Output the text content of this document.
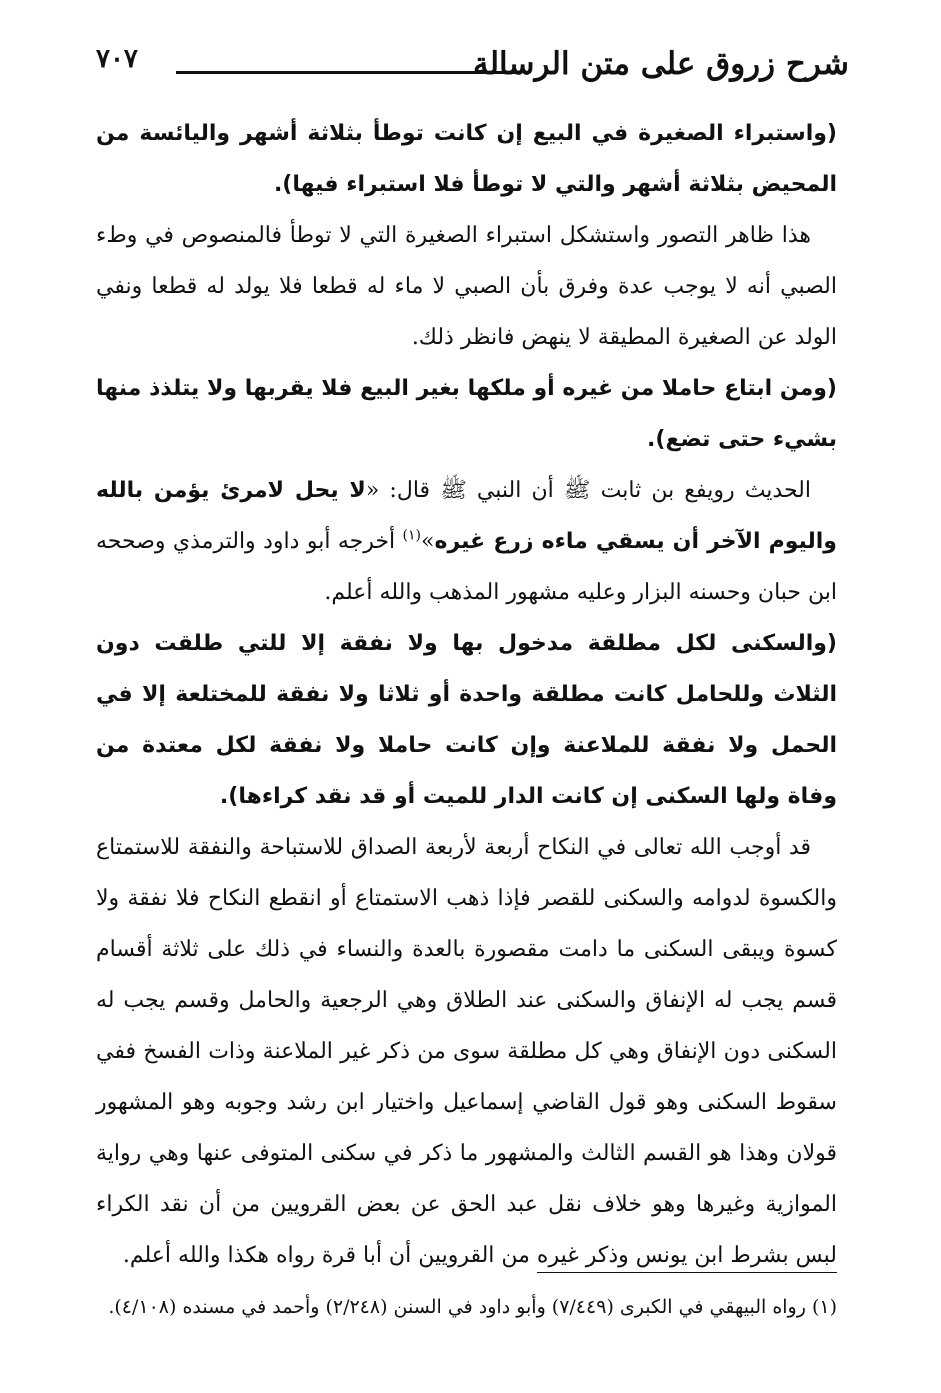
شرح زروق على متن الرسالة
٧٠٧

(واستبراء الصغيرة في البيع إن كانت توطأ بثلاثة أشهر واليائسة من المحيض بثلاثة أشهر والتي لا توطأ فلا استبراء فيها).

هذا ظاهر التصور واستشكل استبراء الصغيرة التي لا توطأ فالمنصوص في وطء الصبي أنه لا يوجب عدة وفرق بأن الصبي لا ماء له قطعا فلا يولد له قطعا ونفي الولد عن الصغيرة المطيقة لا ينهض فانظر ذلك.

(ومن ابتاع حاملا من غيره أو ملكها بغير البيع فلا يقربها ولا يتلذذ منها بشيء حتى تضع).

الحديث رويفع بن ثابت ﷺ أن النبي ﷺ قال: «لا يحل لامرئ يؤمن بالله واليوم الآخر أن يسقي ماءه زرع غيره»$^{(١)}$ أخرجه أبو داود والترمذي وصححه ابن حبان وحسنه البزار وعليه مشهور المذهب والله أعلم.

(والسكنى لكل مطلقة مدخول بها ولا نفقة إلا للتي طلقت دون الثلاث وللحامل كانت مطلقة واحدة أو ثلاثا ولا نفقة للمختلعة إلا في الحمل ولا نفقة للملاعنة وإن كانت حاملا ولا نفقة لكل معتدة من وفاة ولها السكنى إن كانت الدار للميت أو قد نقد كراءها).

قد أوجب الله تعالى في النكاح أربعة لأربعة الصداق للاستباحة والنفقة للاستمتاع والكسوة لدوامه والسكنى للقصر فإذا ذهب الاستمتاع أو انقطع النكاح فلا نفقة ولا كسوة ويبقى السكنى ما دامت مقصورة بالعدة والنساء في ذلك على ثلاثة أقسام قسم يجب له الإنفاق والسكنى عند الطلاق وهي الرجعية والحامل وقسم يجب له السكنى دون الإنفاق وهي كل مطلقة سوى من ذكر غير الملاعنة وذات الفسخ ففي سقوط السكنى وهو قول القاضي إسماعيل واختيار ابن رشد وجوبه وهو المشهور قولان وهذا هو القسم الثالث والمشهور ما ذكر في سكنى المتوفى عنها وهي رواية الموازية وغيرها وهو خلاف نقل عبد الحق عن بعض القرويين من أن نقد الكراء لبس بشرط ابن يونس وذكر غيره من القرويين أن أبا قرة رواه هكذا والله أعلم.

(١) رواه البيهقي في الكبرى (٧/٤٤٩) وأبو داود في السنن (٢/٢٤٨) وأحمد في مسنده (٤/١٠٨).
